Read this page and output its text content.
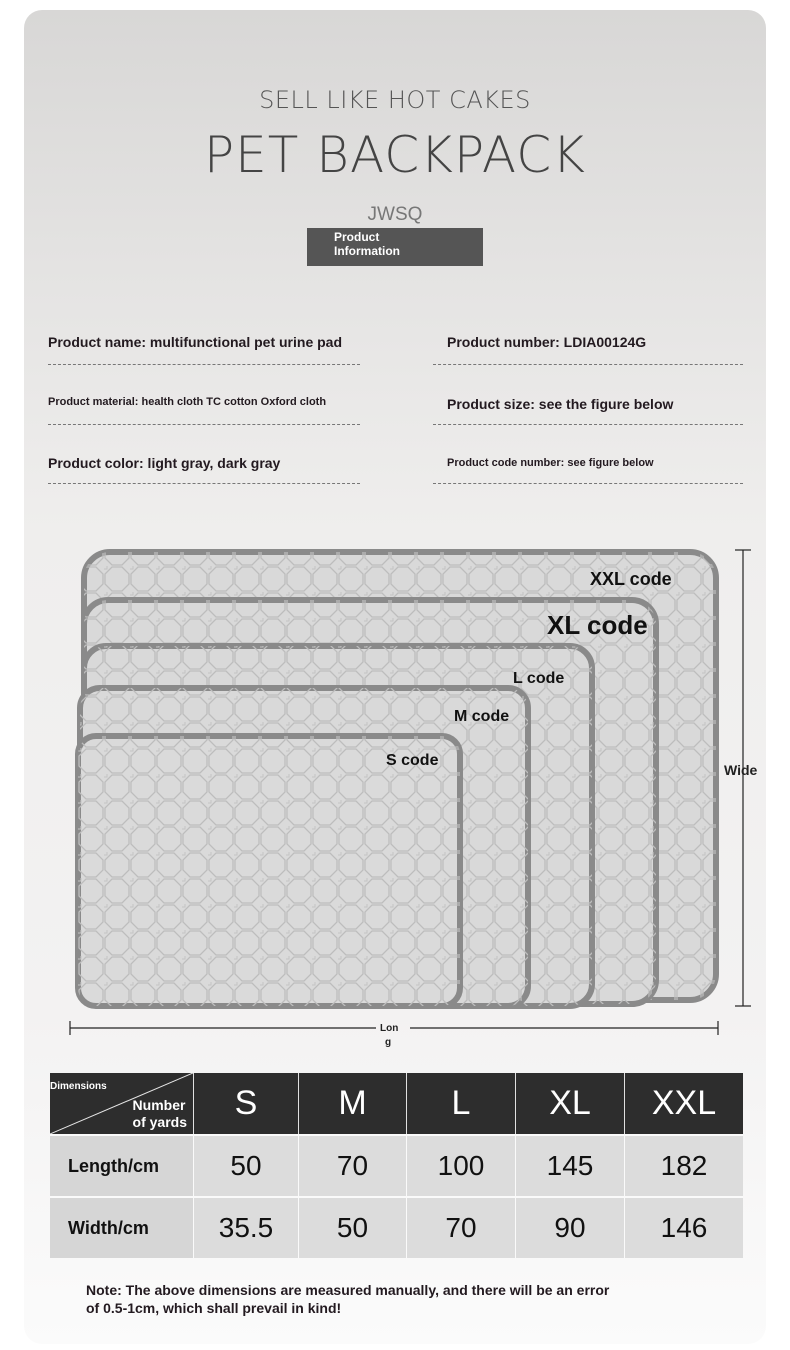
SELL LIKE HOT CAKES
PET BACKPACK
JWSQ
Product
Information
Product name: multifunctional pet urine pad	Product number: LDIA00124G
Product material: health cloth TC cotton Oxford cloth	Product size: see the figure below
Product color: light gray, dark gray	Product code number: see figure below
XXL code
XL code
L code
M code
S code
Wide
Lon
g
Dimensions
Number
of yards	S	M	L	XL	XXL
Length/cm	50	70	100	145	182
Width/cm	35.5	50	70	90	146
Note: The above dimensions are measured manually, and there will be an error
of 0.5-1cm, which shall prevail in kind!
